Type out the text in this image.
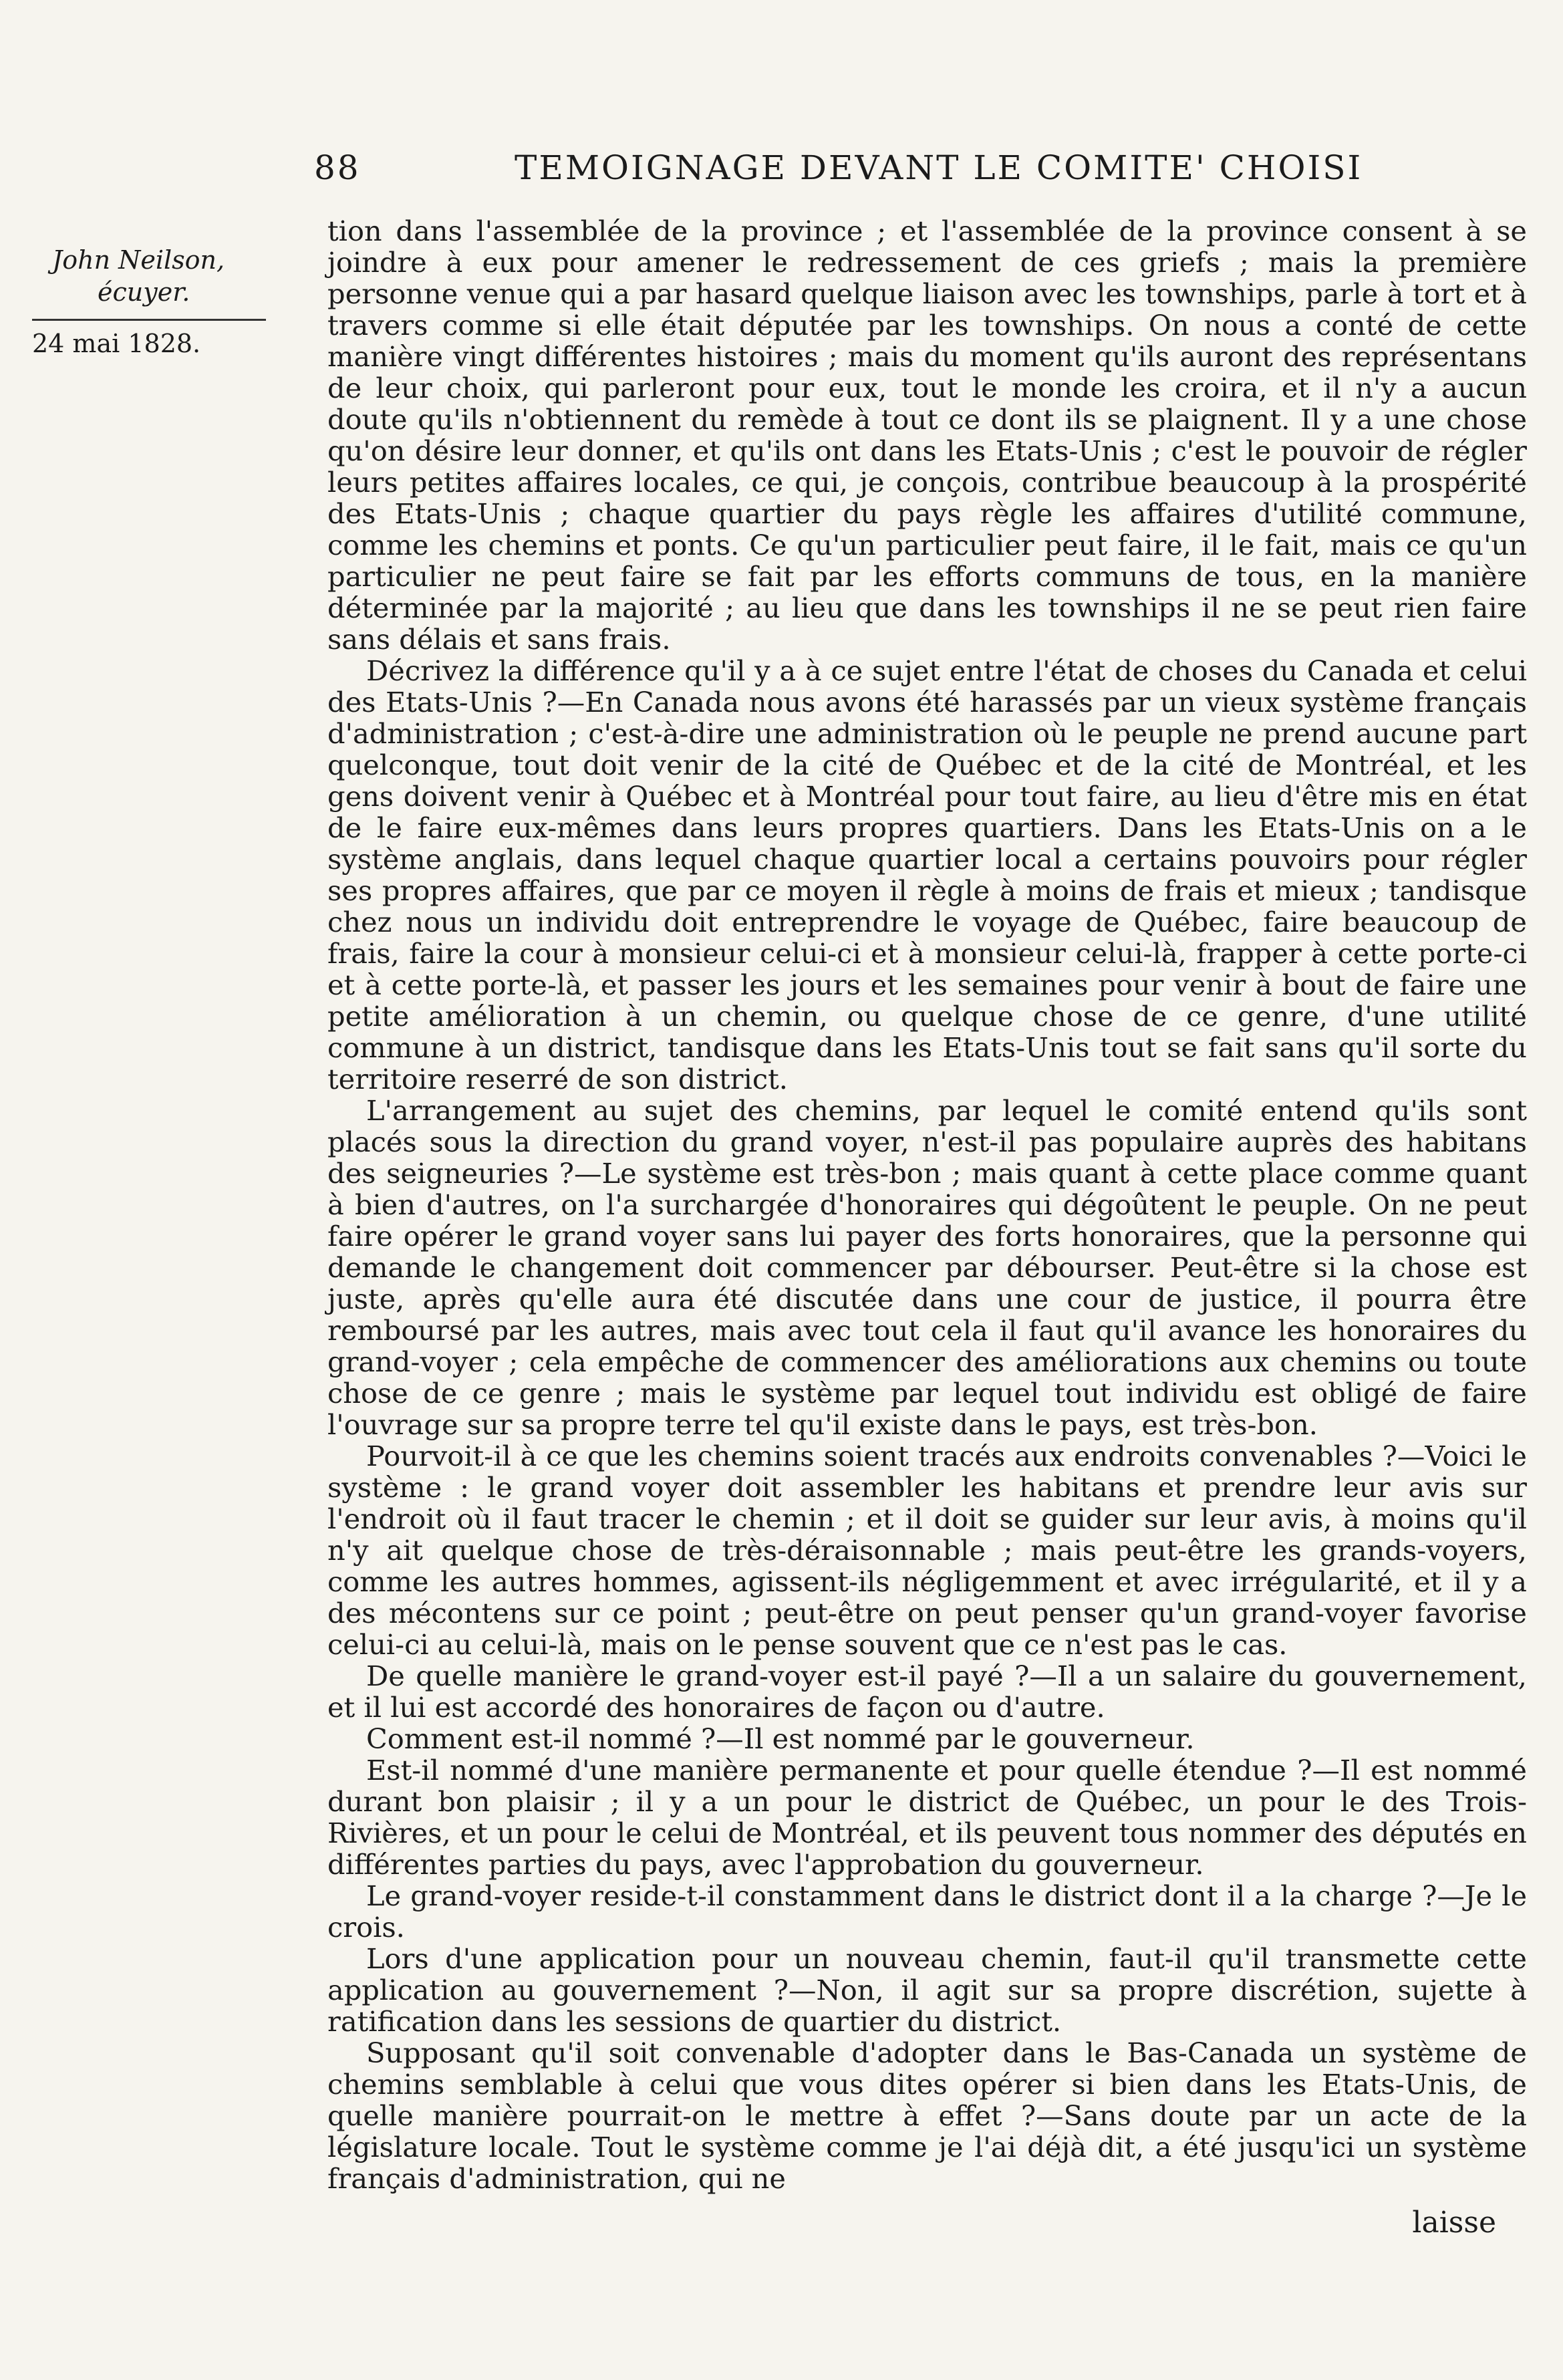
88	TEMOIGNAGE DEVANT LE COMITE' CHOISI
John Neilson,
écuyer.
24 mai 1828.

tion dans l'assemblée de la province ; et l'assemblée de la province consent à se joindre à eux pour amener le redressement de ces griefs ; mais la première personne venue qui a par hasard quelque liaison avec les townships, parle à tort et à travers comme si elle était députée par les townships. On nous a conté de cette manière vingt différentes histoires ; mais du moment qu'ils auront des représentans de leur choix, qui parleront pour eux, tout le monde les croira, et il n'y a aucun doute qu'ils n'obtiennent du remède à tout ce dont ils se plaignent. Il y a une chose qu'on désire leur donner, et qu'ils ont dans les Etats-Unis ; c'est le pouvoir de régler leurs petites affaires locales, ce qui, je conçois, contribue beaucoup à la prospérité des Etats-Unis ; chaque quartier du pays règle les affaires d'utilité commune, comme les chemins et ponts. Ce qu'un particulier peut faire, il le fait, mais ce qu'un particulier ne peut faire se fait par les efforts communs de tous, en la manière déterminée par la majorité ; au lieu que dans les townships il ne se peut rien faire sans délais et sans frais.

Décrivez la différence qu'il y a à ce sujet entre l'état de choses du Canada et celui des Etats-Unis ?—En Canada nous avons été harassés par un vieux système français d'administration ; c'est-à-dire une administration où le peuple ne prend aucune part quelconque, tout doit venir de la cité de Québec et de la cité de Montréal, et les gens doivent venir à Québec et à Montréal pour tout faire, au lieu d'être mis en état de le faire eux-mêmes dans leurs propres quartiers. Dans les Etats-Unis on a le système anglais, dans lequel chaque quartier local a certains pouvoirs pour régler ses propres affaires, que par ce moyen il règle à moins de frais et mieux ; tandisque chez nous un individu doit entreprendre le voyage de Québec, faire beaucoup de frais, faire la cour à monsieur celui-ci et à monsieur celui-là, frapper à cette porte-ci et à cette porte-là, et passer les jours et les semaines pour venir à bout de faire une petite amélioration à un chemin, ou quelque chose de ce genre, d'une utilité commune à un district, tandisque dans les Etats-Unis tout se fait sans qu'il sorte du territoire reserré de son district.

L'arrangement au sujet des chemins, par lequel le comité entend qu'ils sont placés sous la direction du grand voyer, n'est-il pas populaire auprès des habitans des seigneuries ?—Le système est très-bon ; mais quant à cette place comme quant à bien d'autres, on l'a surchargée d'honoraires qui dégoûtent le peuple. On ne peut faire opérer le grand voyer sans lui payer des forts honoraires, que la personne qui demande le changement doit commencer par débourser. Peut-être si la chose est juste, après qu'elle aura été discutée dans une cour de justice, il pourra être remboursé par les autres, mais avec tout cela il faut qu'il avance les honoraires du grand-voyer ; cela empêche de commencer des améliorations aux chemins ou toute chose de ce genre ; mais le système par lequel tout individu est obligé de faire l'ouvrage sur sa propre terre tel qu'il existe dans le pays, est très-bon.

Pourvoit-il à ce que les chemins soient tracés aux endroits convenables ?—Voici le système : le grand voyer doit assembler les habitans et prendre leur avis sur l'endroit où il faut tracer le chemin ; et il doit se guider sur leur avis, à moins qu'il n'y ait quelque chose de très-déraisonnable ; mais peut-être les grands-voyers, comme les autres hommes, agissent-ils négligemment et avec irrégularité, et il y a des mécontens sur ce point ; peut-être on peut penser qu'un grand-voyer favorise celui-ci au celui-là, mais on le pense souvent que ce n'est pas le cas.

De quelle manière le grand-voyer est-il payé ?—Il a un salaire du gouvernement, et il lui est accordé des honoraires de façon ou d'autre.

Comment est-il nommé ?—Il est nommé par le gouverneur.

Est-il nommé d'une manière permanente et pour quelle étendue ?—Il est nommé durant bon plaisir ; il y a un pour le district de Québec, un pour le des Trois-Rivières, et un pour le celui de Montréal, et ils peuvent tous nommer des députés en différentes parties du pays, avec l'approbation du gouverneur.

Le grand-voyer reside-t-il constamment dans le district dont il a la charge ?—Je le crois.

Lors d'une application pour un nouveau chemin, faut-il qu'il transmette cette application au gouvernement ?—Non, il agit sur sa propre discrétion, sujette à ratification dans les sessions de quartier du district.

Supposant qu'il soit convenable d'adopter dans le Bas-Canada un système de chemins semblable à celui que vous dites opérer si bien dans les Etats-Unis, de quelle manière pourrait-on le mettre à effet ?—Sans doute par un acte de la législature locale. Tout le système comme je l'ai déjà dit, a été jusqu'ici un système français d'administration, qui ne

laisse
